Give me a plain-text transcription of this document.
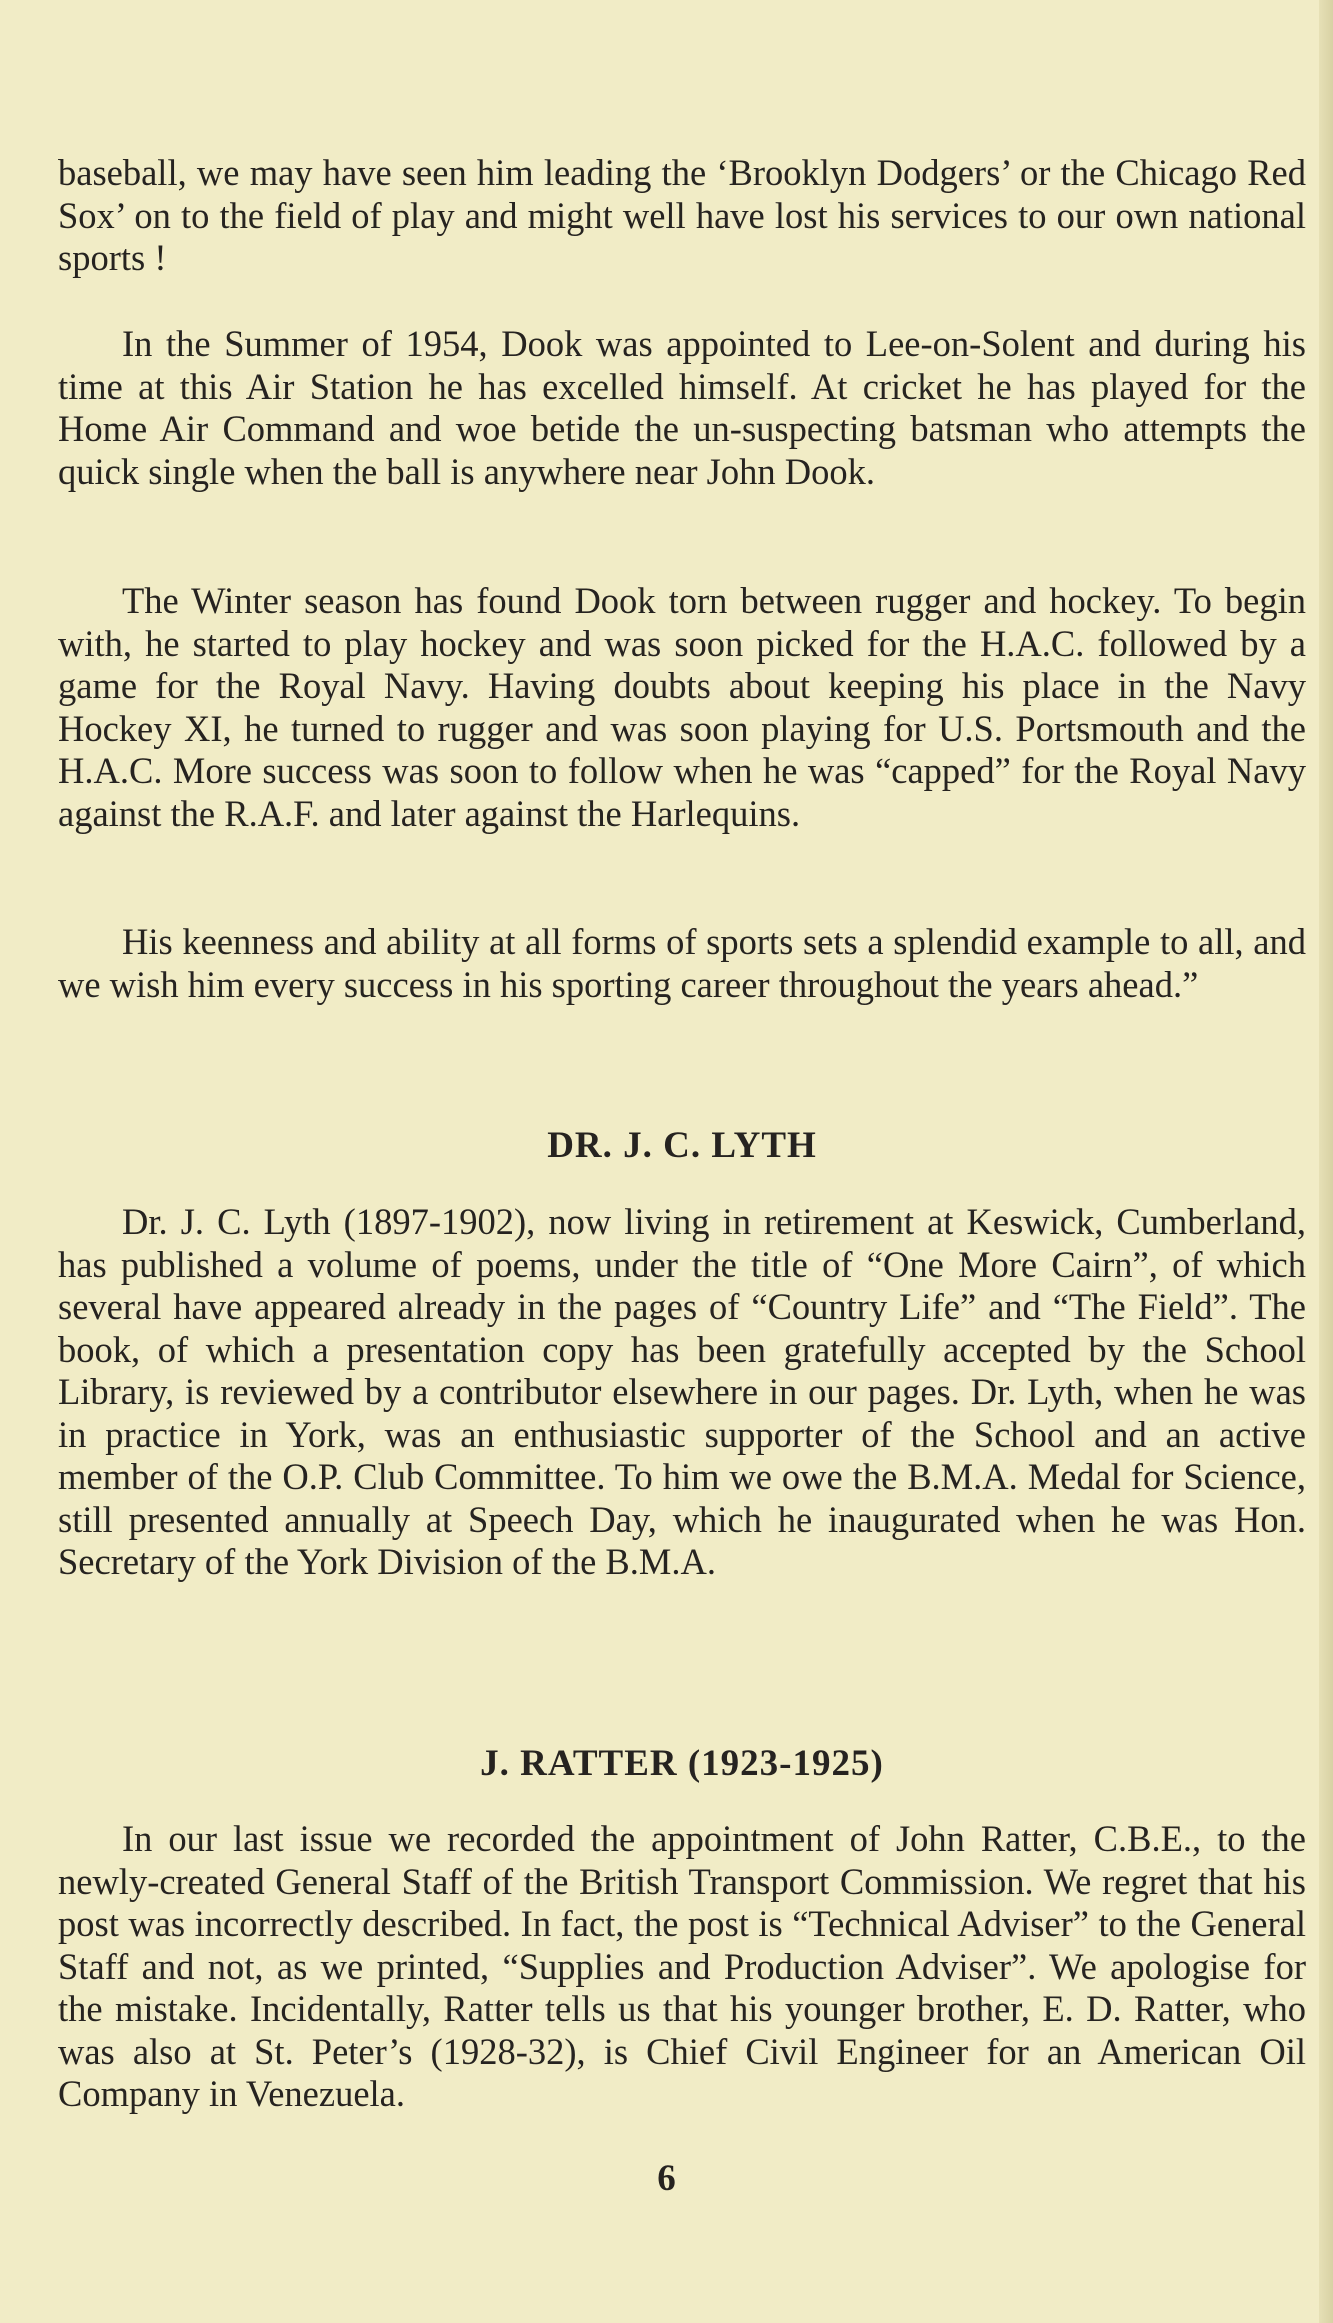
baseball, we may have seen him leading the ‘Brooklyn Dodgers’ or the Chicago Red Sox’ on to the field of play and might well have lost his services to our own national sports !

In the Summer of 1954, Dook was appointed to Lee-on-Solent and during his time at this Air Station he has excelled himself. At cricket he has played for the Home Air Command and woe betide the un-suspecting batsman who attempts the quick single when the ball is anywhere near John Dook.

The Winter season has found Dook torn between rugger and hockey. To begin with, he started to play hockey and was soon picked for the H.A.C. followed by a game for the Royal Navy. Having doubts about keeping his place in the Navy Hockey XI, he turned to rugger and was soon playing for U.S. Portsmouth and the H.A.C. More success was soon to follow when he was “capped” for the Royal Navy against the R.A.F. and later against the Harlequins.

His keenness and ability at all forms of sports sets a splendid example to all, and we wish him every success in his sporting career throughout the years ahead.”

DR. J. C. LYTH

Dr. J. C. Lyth (1897-1902), now living in retirement at Keswick, Cumberland, has published a volume of poems, under the title of “One More Cairn”, of which several have appeared already in the pages of “Country Life” and “The Field”. The book, of which a presentation copy has been gratefully accepted by the School Library, is reviewed by a contributor elsewhere in our pages. Dr. Lyth, when he was in practice in York, was an enthusiastic supporter of the School and an active member of the O.P. Club Committee. To him we owe the B.M.A. Medal for Science, still presented annually at Speech Day, which he inaugurated when he was Hon. Secretary of the York Division of the B.M.A.

J. RATTER (1923-1925)

In our last issue we recorded the appointment of John Ratter, C.B.E., to the newly-created General Staff of the British Transport Commission. We regret that his post was incorrectly described. In fact, the post is “Technical Adviser” to the General Staff and not, as we printed, “Supplies and Production Adviser”. We apologise for the mistake. Incidentally, Ratter tells us that his younger brother, E. D. Ratter, who was also at St. Peter’s (1928-32), is Chief Civil Engineer for an American Oil Company in Venezuela.

6
